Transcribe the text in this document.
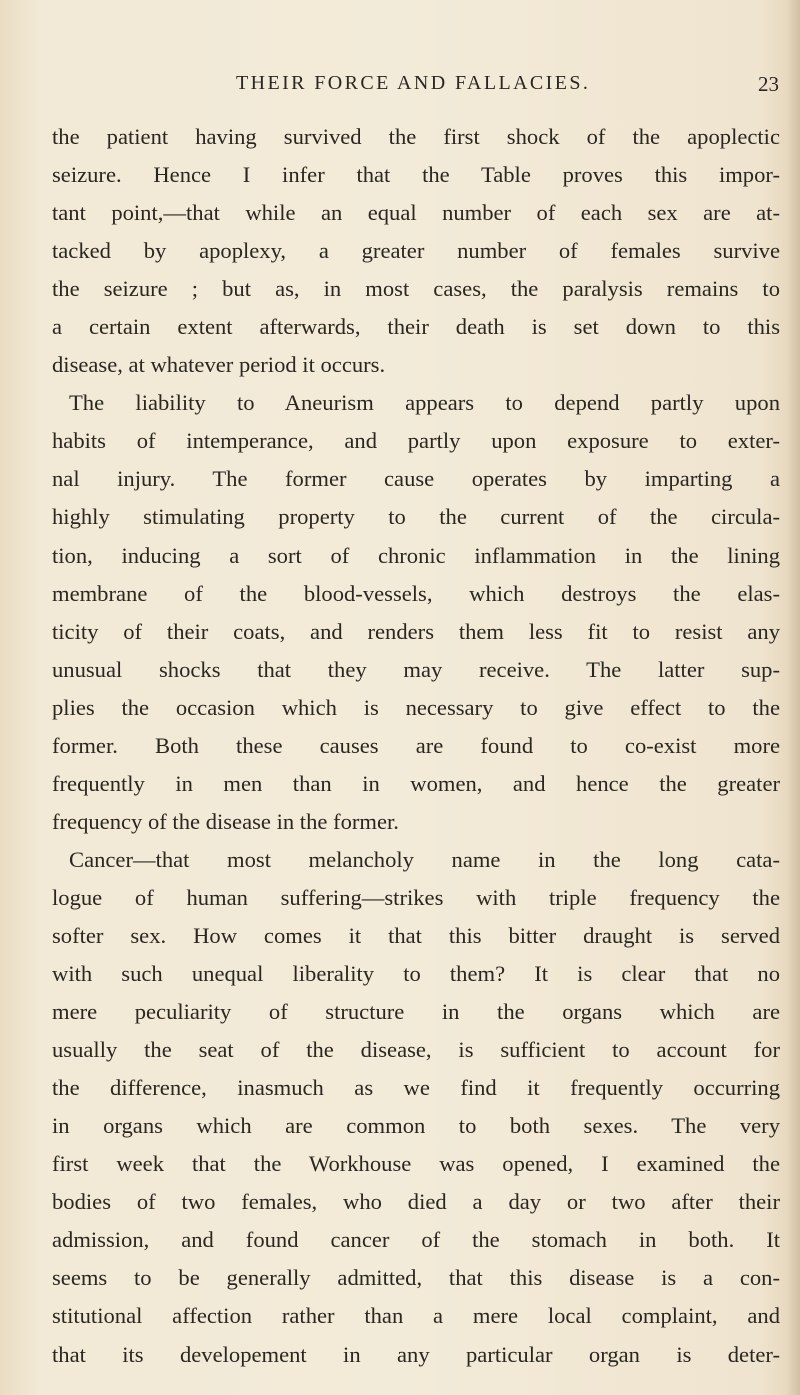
THEIR FORCE AND FALLACIES.	23
the patient having survived the first shock of the apoplectic
seizure. Hence I infer that the Table proves this impor-
tant point,—that while an equal number of each sex are at-
tacked by apoplexy, a greater number of females survive
the seizure ; but as, in most cases, the paralysis remains to
a certain extent afterwards, their death is set down to this
disease, at whatever period it occurs.
The liability to Aneurism appears to depend partly upon
habits of intemperance, and partly upon exposure to exter-
nal injury. The former cause operates by imparting a
highly stimulating property to the current of the circula-
tion, inducing a sort of chronic inflammation in the lining
membrane of the blood-vessels, which destroys the elas-
ticity of their coats, and renders them less fit to resist any
unusual shocks that they may receive. The latter sup-
plies the occasion which is necessary to give effect to the
former. Both these causes are found to co-exist more
frequently in men than in women, and hence the greater
frequency of the disease in the former.
Cancer—that most melancholy name in the long cata-
logue of human suffering—strikes with triple frequency the
softer sex. How comes it that this bitter draught is served
with such unequal liberality to them? It is clear that no
mere peculiarity of structure in the organs which are
usually the seat of the disease, is sufficient to account for
the difference, inasmuch as we find it frequently occurring
in organs which are common to both sexes. The very
first week that the Workhouse was opened, I examined the
bodies of two females, who died a day or two after their
admission, and found cancer of the stomach in both. It
seems to be generally admitted, that this disease is a con-
stitutional affection rather than a mere local complaint, and
that its developement in any particular organ is deter-
